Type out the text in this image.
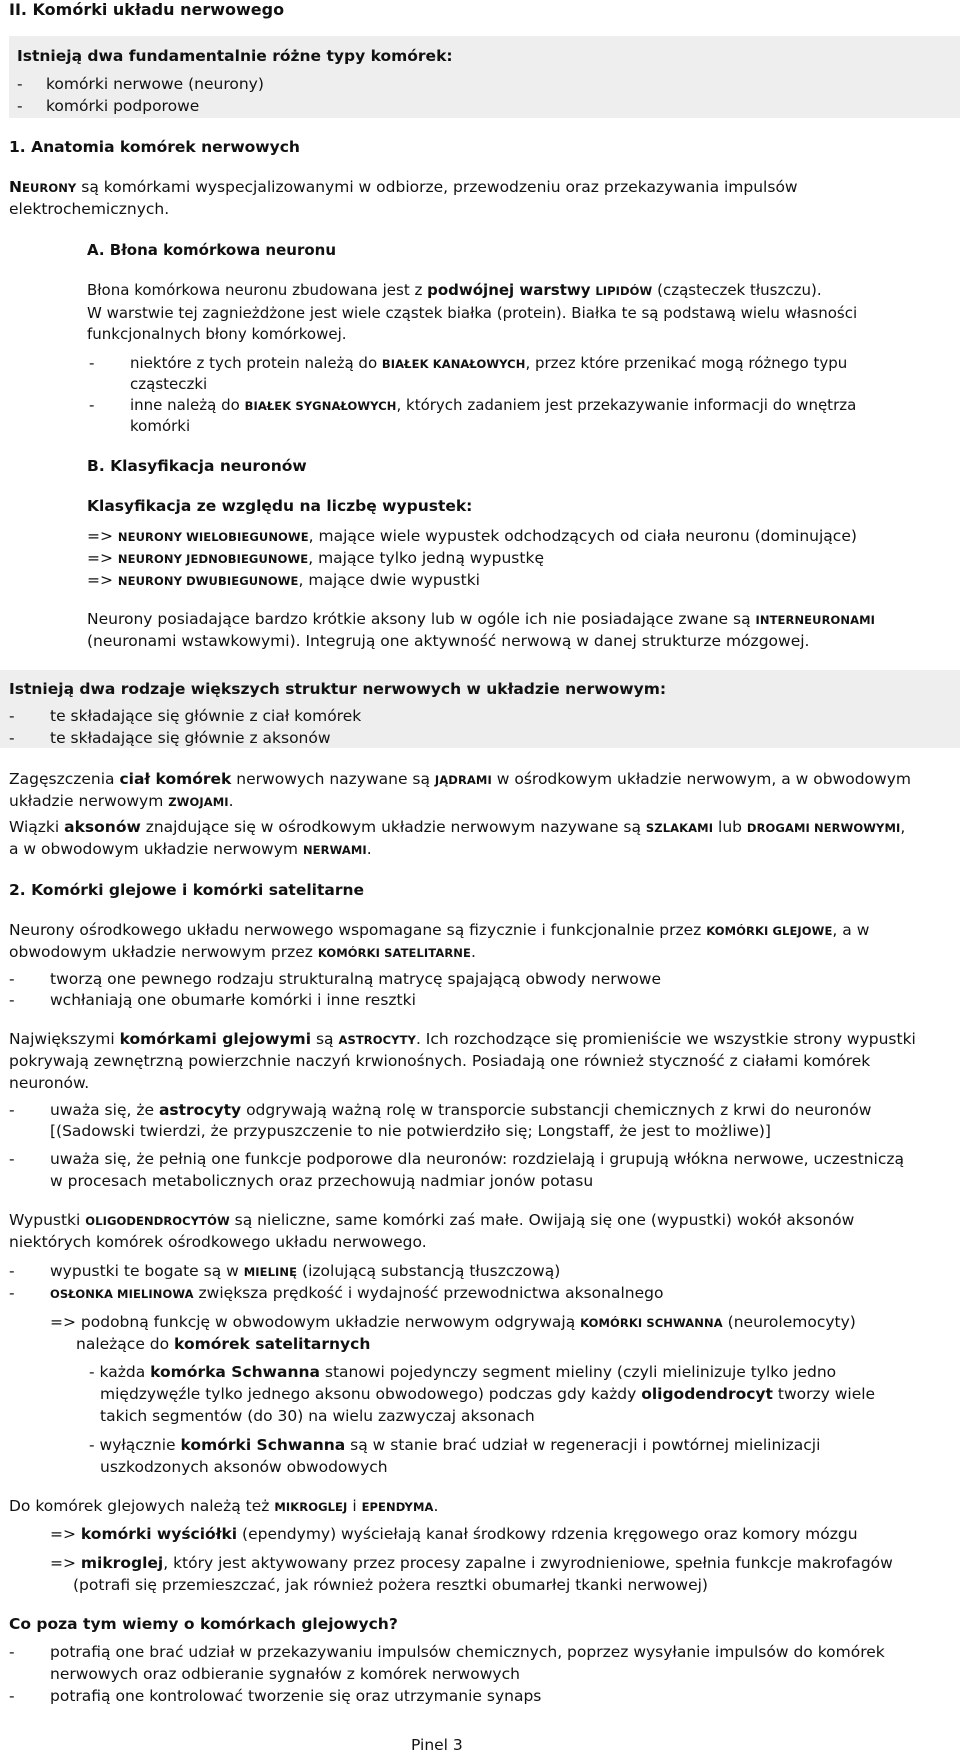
II. Komórki układu nerwowego
Istnieją dwa fundamentalnie różne typy komórek:
- komórki nerwowe (neurony)
- komórki podporowe
1. Anatomia komórek nerwowych
NEURONY są komórkami wyspecjalizowanymi w odbiorze, przewodzeniu oraz przekazywania impulsów
elektrochemicznych.
A. Błona komórkowa neuronu
Błona komórkowa neuronu zbudowana jest z podwójnej warstwy LIPIDÓW (cząsteczek tłuszczu).
W warstwie tej zagnieżdżone jest wiele cząstek białka (protein). Białka te są podstawą wielu własności
funkcjonalnych błony komórkowej.
- niektóre z tych protein należą do BIAŁEK KANAŁOWYCH, przez które przenikać mogą różnego typu
cząsteczki
- inne należą do BIAŁEK SYGNAŁOWYCH, których zadaniem jest przekazywanie informacji do wnętrza
komórki
B. Klasyfikacja neuronów
Klasyfikacja ze względu na liczbę wypustek:
=> NEURONY WIELOBIEGUNOWE, mające wiele wypustek odchodzących od ciała neuronu (dominujące)
=> NEURONY JEDNOBIEGUNOWE, mające tylko jedną wypustkę
=> NEURONY DWUBIEGUNOWE, mające dwie wypustki
Neurony posiadające bardzo krótkie aksony lub w ogóle ich nie posiadające zwane są INTERNEURONAMI
(neuronami wstawkowymi). Integrują one aktywność nerwową w danej strukturze mózgowej.
Istnieją dwa rodzaje większych struktur nerwowych w układzie nerwowym:
- te składające się głównie z ciał komórek
- te składające się głównie z aksonów
Zagęszczenia ciał komórek nerwowych nazywane są JĄDRAMI w ośrodkowym układzie nerwowym, a w obwodowym
układzie nerwowym ZWOJAMI.
Wiązki aksonów znajdujące się w ośrodkowym układzie nerwowym nazywane są SZLAKAMI lub DROGAMI NERWOWYMI,
a w obwodowym układzie nerwowym NERWAMI.
2. Komórki glejowe i komórki satelitarne
Neurony ośrodkowego układu nerwowego wspomagane są fizycznie i funkcjonalnie przez KOMÓRKI GLEJOWE, a w
obwodowym układzie nerwowym przez KOMÓRKI SATELITARNE.
- tworzą one pewnego rodzaju strukturalną matrycę spajającą obwody nerwowe
- wchłaniają one obumarłe komórki i inne resztki
Największymi komórkami glejowymi są ASTROCYTY. Ich rozchodzące się promieniście we wszystkie strony wypustki
pokrywają zewnętrzną powierzchnie naczyń krwionośnych. Posiadają one również styczność z ciałami komórek
neuronów.
- uważa się, że astrocyty odgrywają ważną rolę w transporcie substancji chemicznych z krwi do neuronów
[(Sadowski twierdzi, że przypuszczenie to nie potwierdziło się; Longstaff, że jest to możliwe)]
- uważa się, że pełnią one funkcje podporowe dla neuronów: rozdzielają i grupują włókna nerwowe, uczestniczą
w procesach metabolicznych oraz przechowują nadmiar jonów potasu
Wypustki OLIGODENDROCYTÓW są nieliczne, same komórki zaś małe. Owijają się one (wypustki) wokół aksonów
niektórych komórek ośrodkowego układu nerwowego.
- wypustki te bogate są w MIELINĘ (izolującą substancją tłuszczową)
-	OSŁONKA MIELINOWA zwiększa prędkość i wydajność przewodnictwa aksonalnego
=> podobną funkcję w obwodowym układzie nerwowym odgrywają KOMÓRKI SCHWANNA (neurolemocyty)
należące do komórek satelitarnych
- każda komórka Schwanna stanowi pojedynczy segment mieliny (czyli mielinizuje tylko jedno
międzywęźle tylko jednego aksonu obwodowego) podczas gdy każdy oligodendrocyt tworzy wiele
takich segmentów (do 30) na wielu zazwyczaj aksonach
- wyłącznie komórki Schwanna są w stanie brać udział w regeneracji i powtórnej mielinizacji
uszkodzonych aksonów obwodowych
Do komórek glejowych należą też MIKROGLEJ i EPENDYMA.
=> komórki wyściółki (ependymy) wyściełają kanał środkowy rdzenia kręgowego oraz komory mózgu
=> mikroglej, który jest aktywowany przez procesy zapalne i zwyrodnieniowe, spełnia funkcje makrofagów
(potrafi się przemieszczać, jak również pożera resztki obumarłej tkanki nerwowej)
Co poza tym wiemy o komórkach glejowych?
- potrafią one brać udział w przekazywaniu impulsów chemicznych, poprzez wysyłanie impulsów do komórek
nerwowych oraz odbieranie sygnałów z komórek nerwowych
- potrafią one kontrolować tworzenie się oraz utrzymanie synaps
Pinel 3
